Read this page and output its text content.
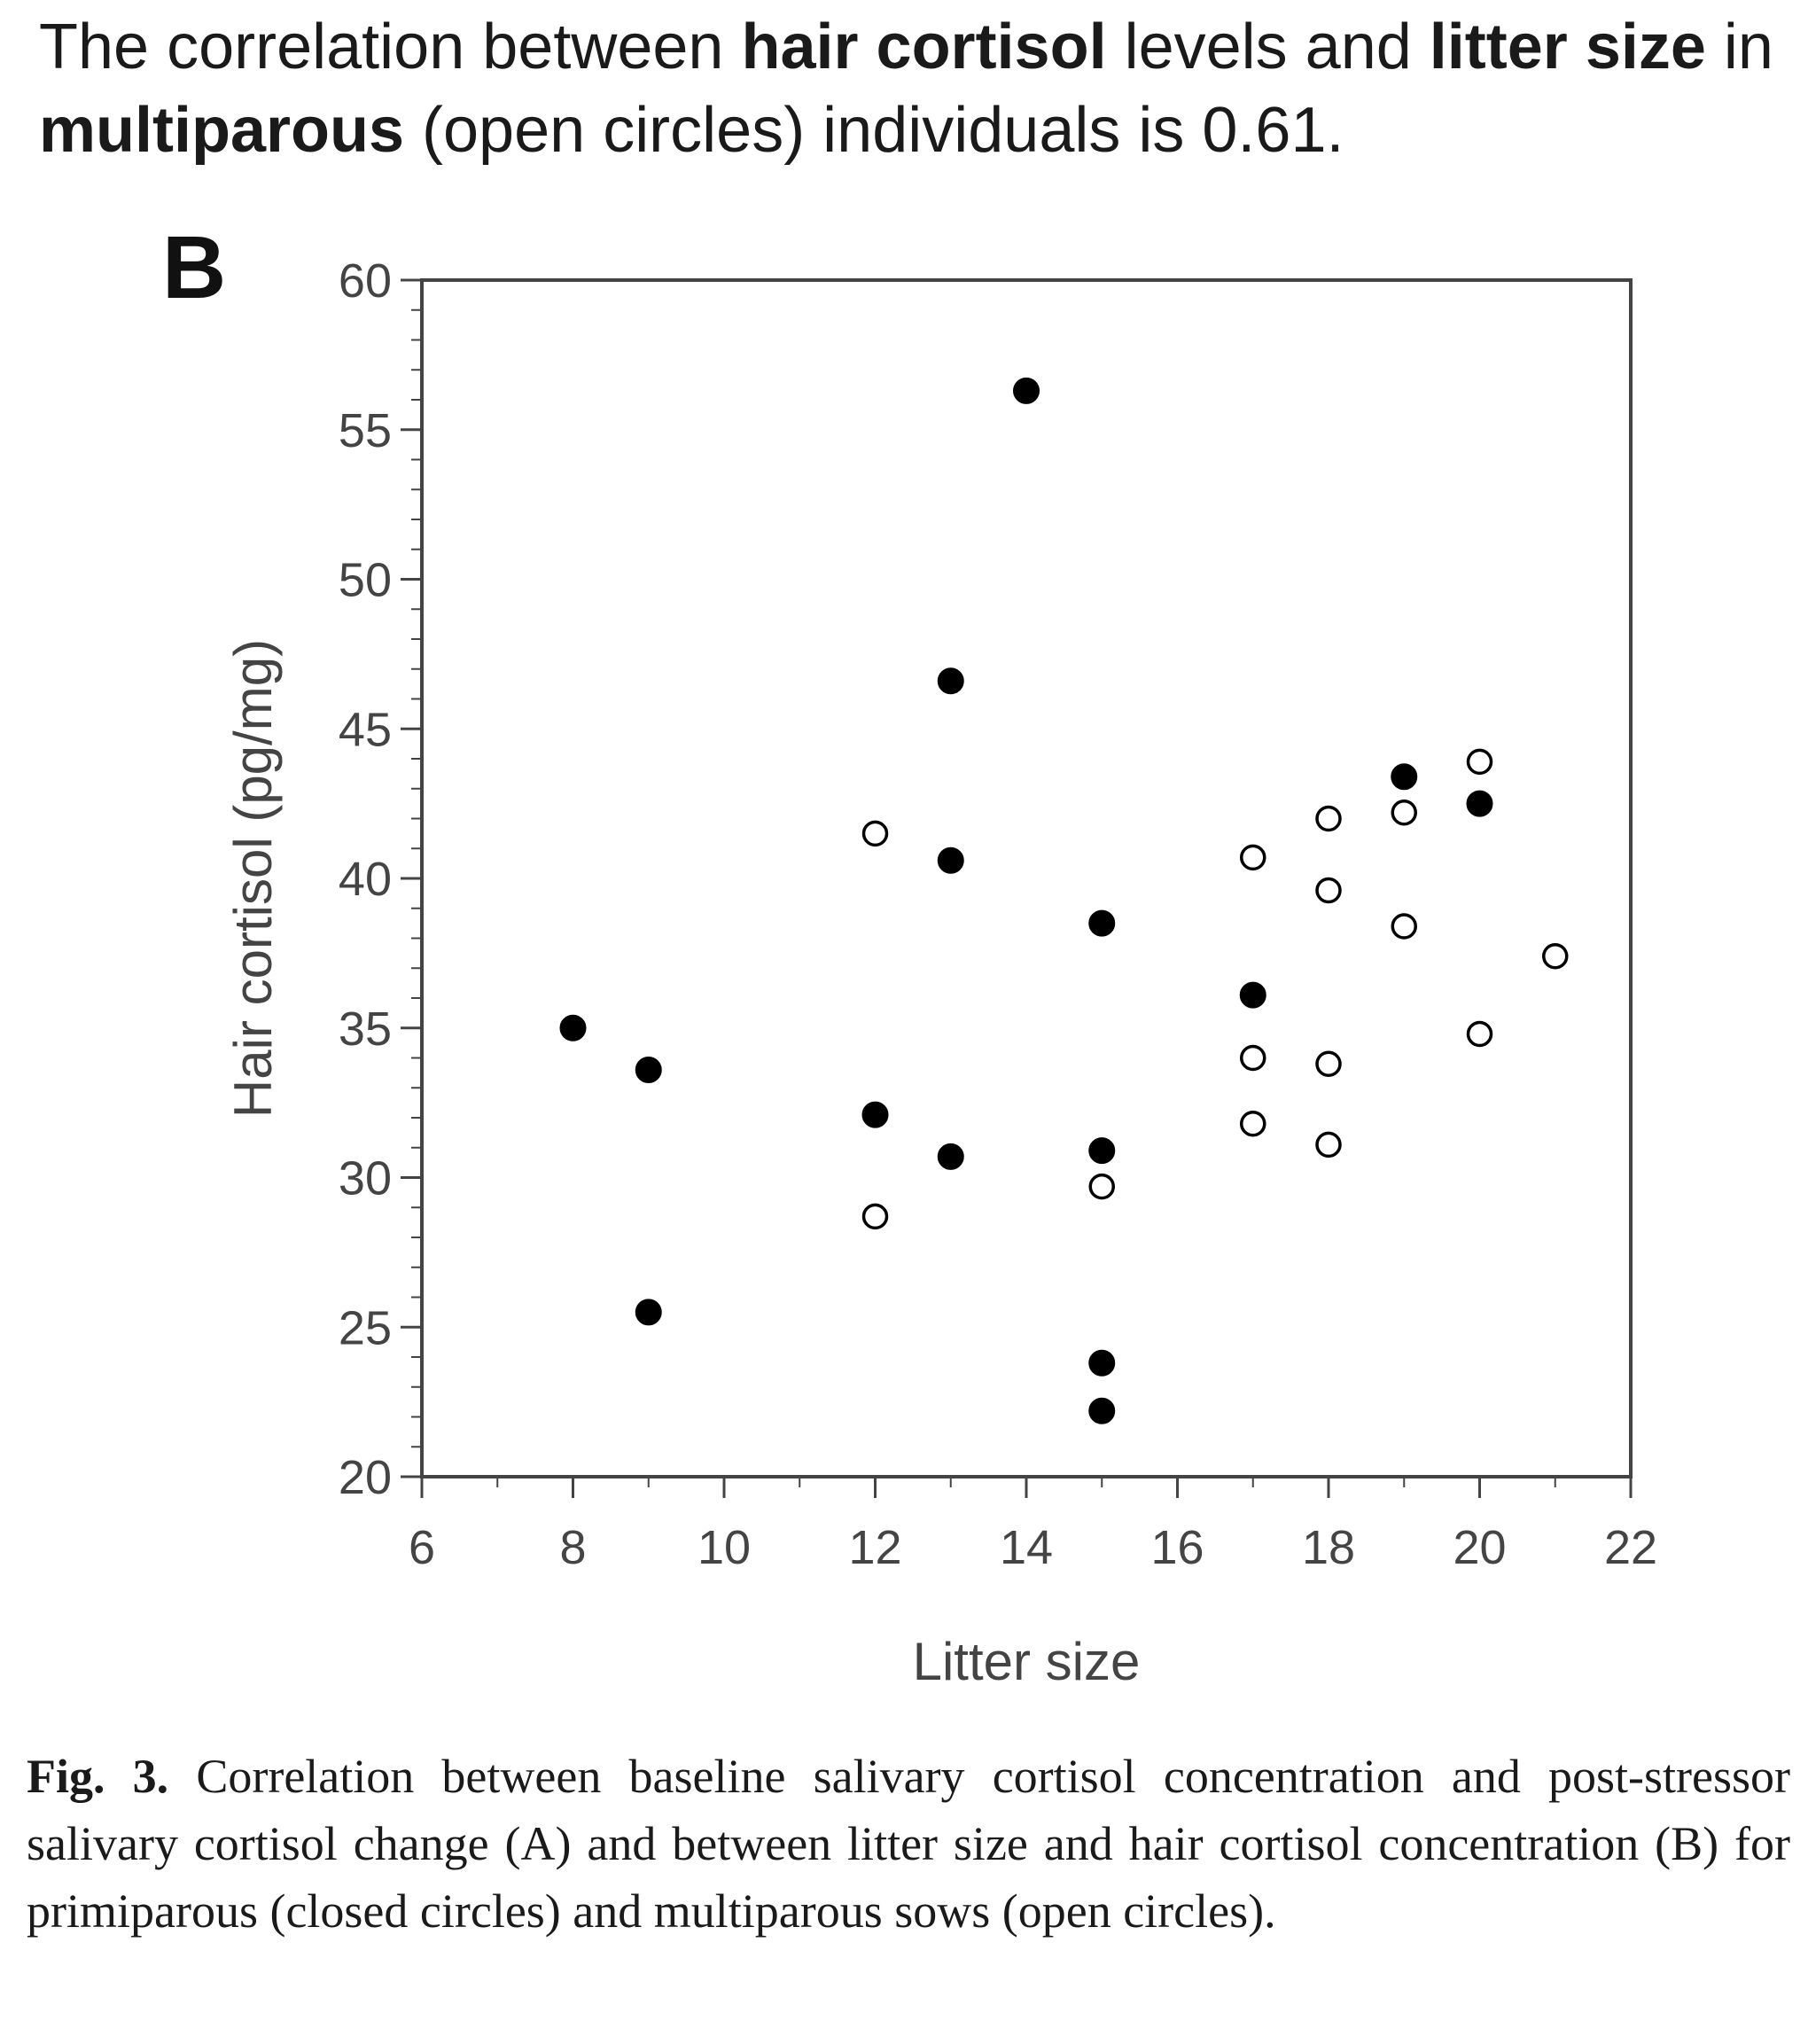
The correlation between hair cortisol levels and litter size in multiparous (open circles) individuals is 0.61.
B
6	8 10 12 14 16 18 20 22
20
25
30
35
40
45
50
55
60
Litter size
Hair cortisol (pg/mg)
Fig. 3. Correlation between baseline salivary cortisol concentration and post-stressor salivary cortisol change (A) and between litter size and hair cortisol concentration (B) for primiparous (closed circles) and multiparous sows (open circles).
